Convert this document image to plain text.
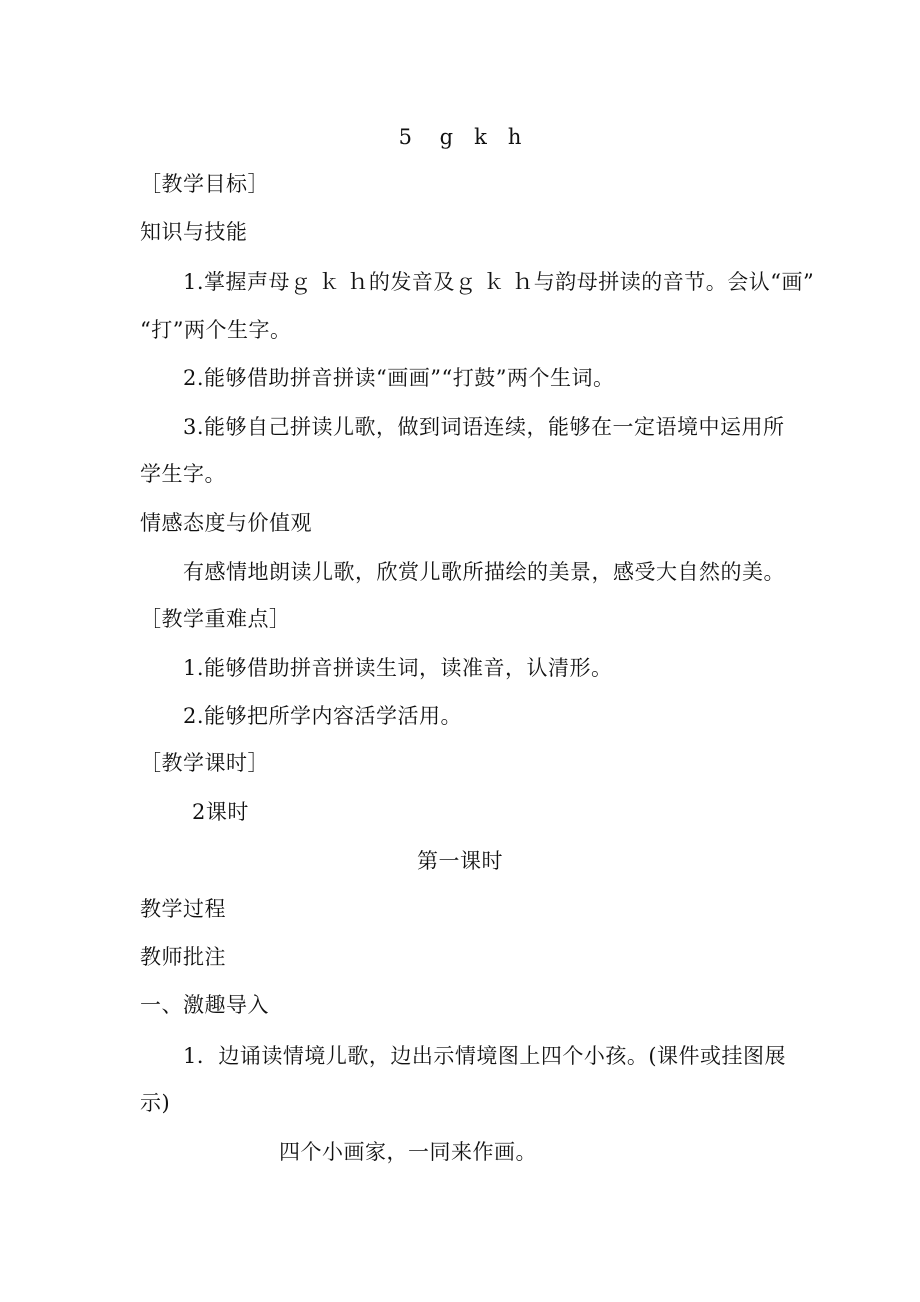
5　 g　k　h
［教学目标］
知识与技能
1.掌握声母ｇ ｋ ｈ的发音及ｇ ｋ ｈ与韵母拼读的音节。会认“画”
“打”两个生字。
2.能够借助拼音拼读“画画”“打鼓”两个生词。
3.能够自己拼读儿歌，做到词语连续，能够在一定语境中运用所
学生字。
情感态度与价值观
有感情地朗读儿歌，欣赏儿歌所描绘的美景，感受大自然的美。
［教学重难点］
1.能够借助拼音拼读生词，读准音，认清形。
2.能够把所学内容活学活用。
［教学课时］
2课时
第一课时
教学过程
教师批注
一、激趣导入
1．边诵读情境儿歌，边出示情境图上四个小孩。(课件或挂图展
示)
四个小画家，一同来作画。
